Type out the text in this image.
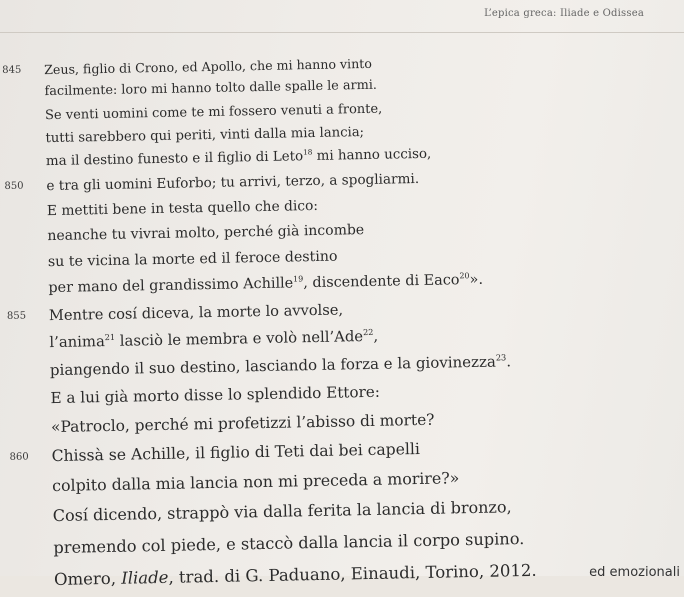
L’epica greca: Iliade e Odissea
845 Zeus, figlio di Crono, ed Apollo, che mi hanno vinto
facilmente: loro mi hanno tolto dalle spalle le armi.
Se venti uomini come te mi fossero venuti a fronte,
tutti sarebbero qui periti, vinti dalla mia lancia;
ma il destino funesto e il figlio di Leto$^{18}$ mi hanno ucciso,
850 e tra gli uomini Euforbo; tu arrivi, terzo, a spogliarmi.
E mettiti bene in testa quello che dico:
neanche tu vivrai molto, perché già incombe
su te vicina la morte ed il feroce destino
per mano del grandissimo Achille$^{19}$, discendente di Eaco$^{20}$».
855 Mentre cosí diceva, la morte lo avvolse,
l’anima$^{21}$ lasciò le membra e volò nell’Ade$^{22}$,
piangendo il suo destino, lasciando la forza e la giovinezza$^{23}$.
E a lui già morto disse lo splendido Ettore:
«Patroclo, perché mi profetizzi l’abisso di morte?
860 Chissà se Achille, il figlio di Teti dai bei capelli
colpito dalla mia lancia non mi preceda a morire?»
Cosí dicendo, strappò via dalla ferita la lancia di bronzo,
premendo col piede, e staccò dalla lancia il corpo supino.
Omero, Iliade, trad. di G. Paduano, Einaudi, Torino, 2012.	ed emozionali
